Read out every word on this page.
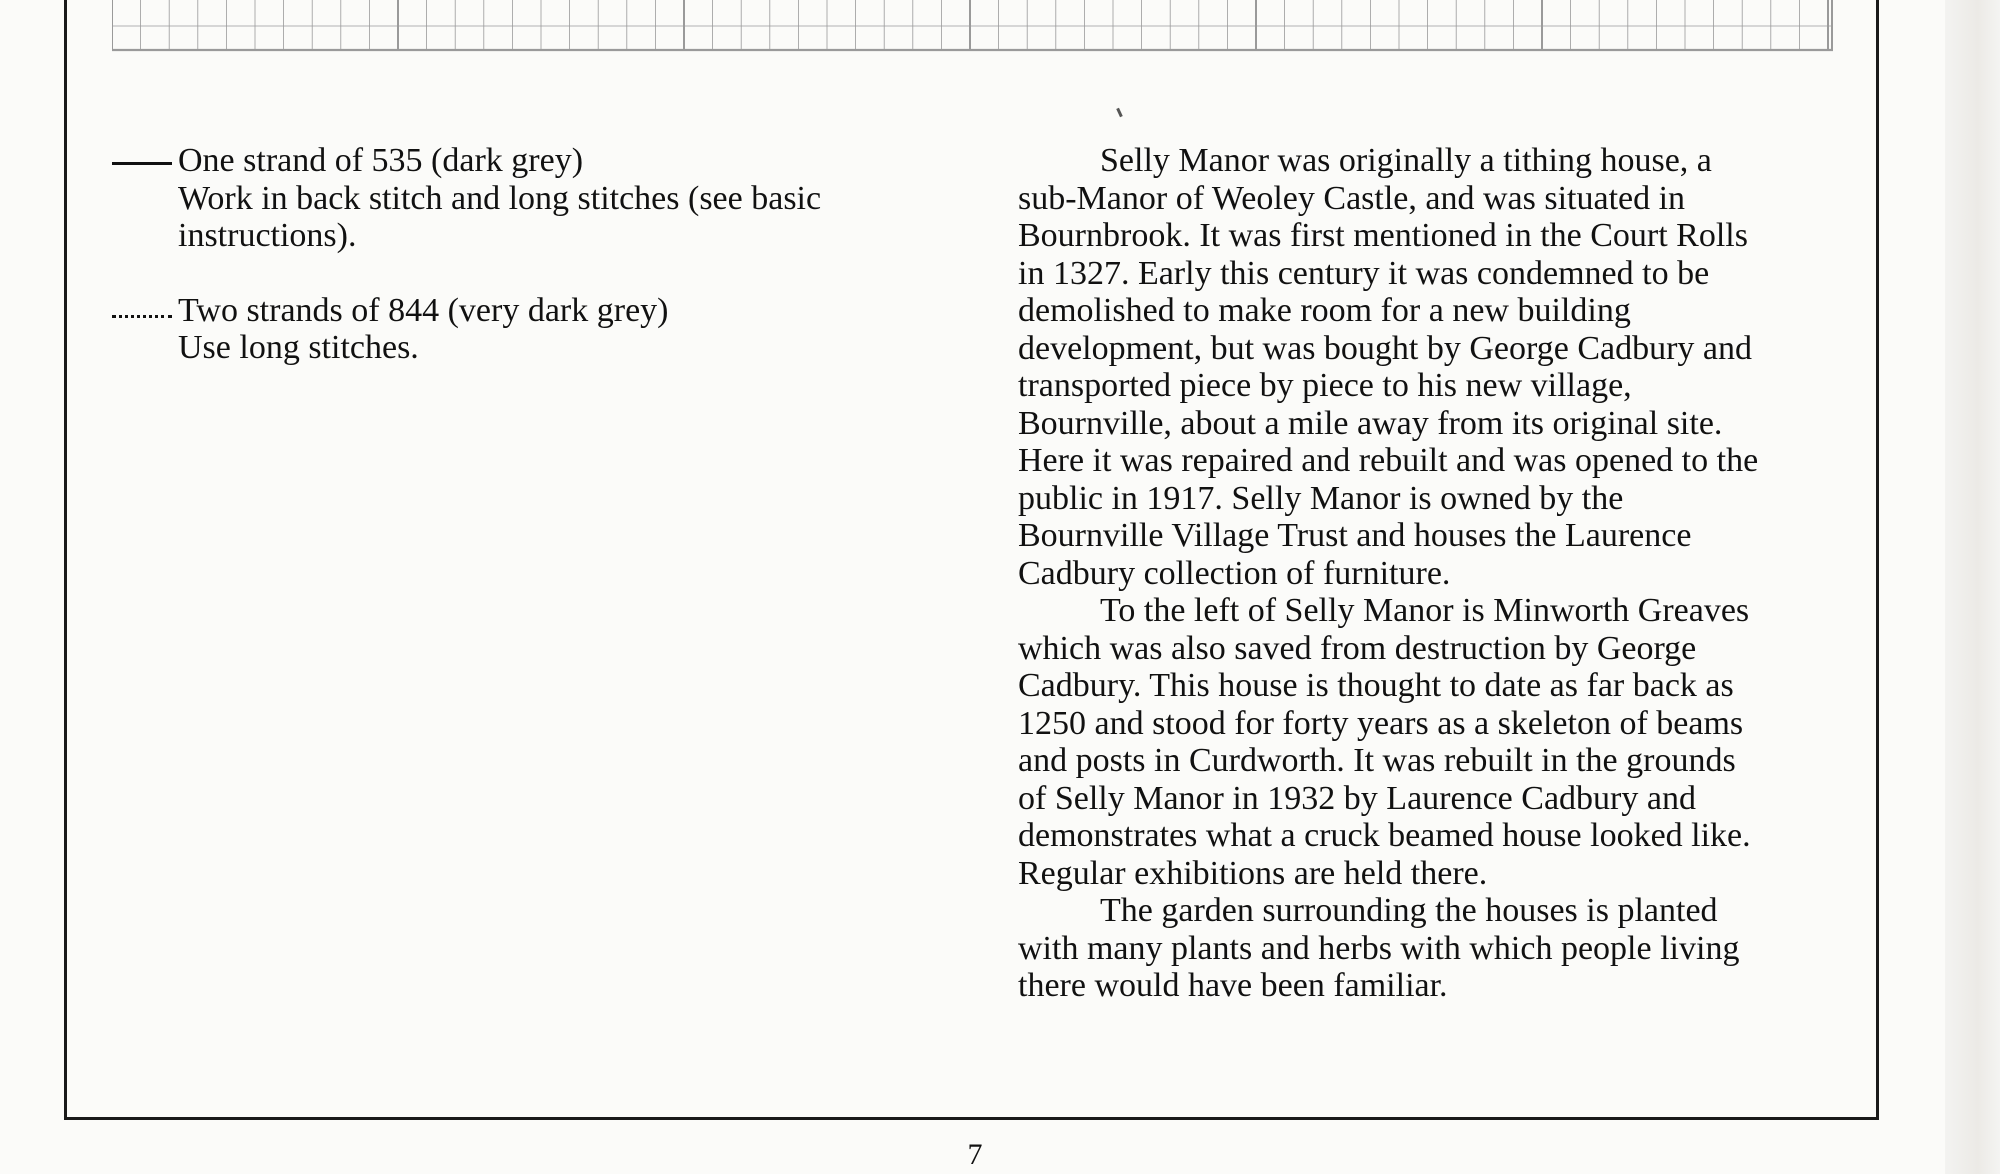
One strand of 535 (dark grey)
Work in back stitch and long stitches (see basic
instructions).
Two strands of 844 (very dark grey)
Use long stitches.

Selly Manor was originally a tithing house, a
sub-Manor of Weoley Castle, and was situated in
Bournbrook. It was first mentioned in the Court Rolls
in 1327. Early this century it was condemned to be
demolished to make room for a new building
development, but was bought by George Cadbury and
transported piece by piece to his new village,
Bournville, about a mile away from its original site.
Here it was repaired and rebuilt and was opened to the
public in 1917. Selly Manor is owned by the
Bournville Village Trust and houses the Laurence
Cadbury collection of furniture.

To the left of Selly Manor is Minworth Greaves
which was also saved from destruction by George
Cadbury. This house is thought to date as far back as
1250 and stood for forty years as a skeleton of beams
and posts in Curdworth. It was rebuilt in the grounds
of Selly Manor in 1932 by Laurence Cadbury and
demonstrates what a cruck beamed house looked like.
Regular exhibitions are held there.

The garden surrounding the houses is planted
with many plants and herbs with which people living
there would have been familiar.

7
